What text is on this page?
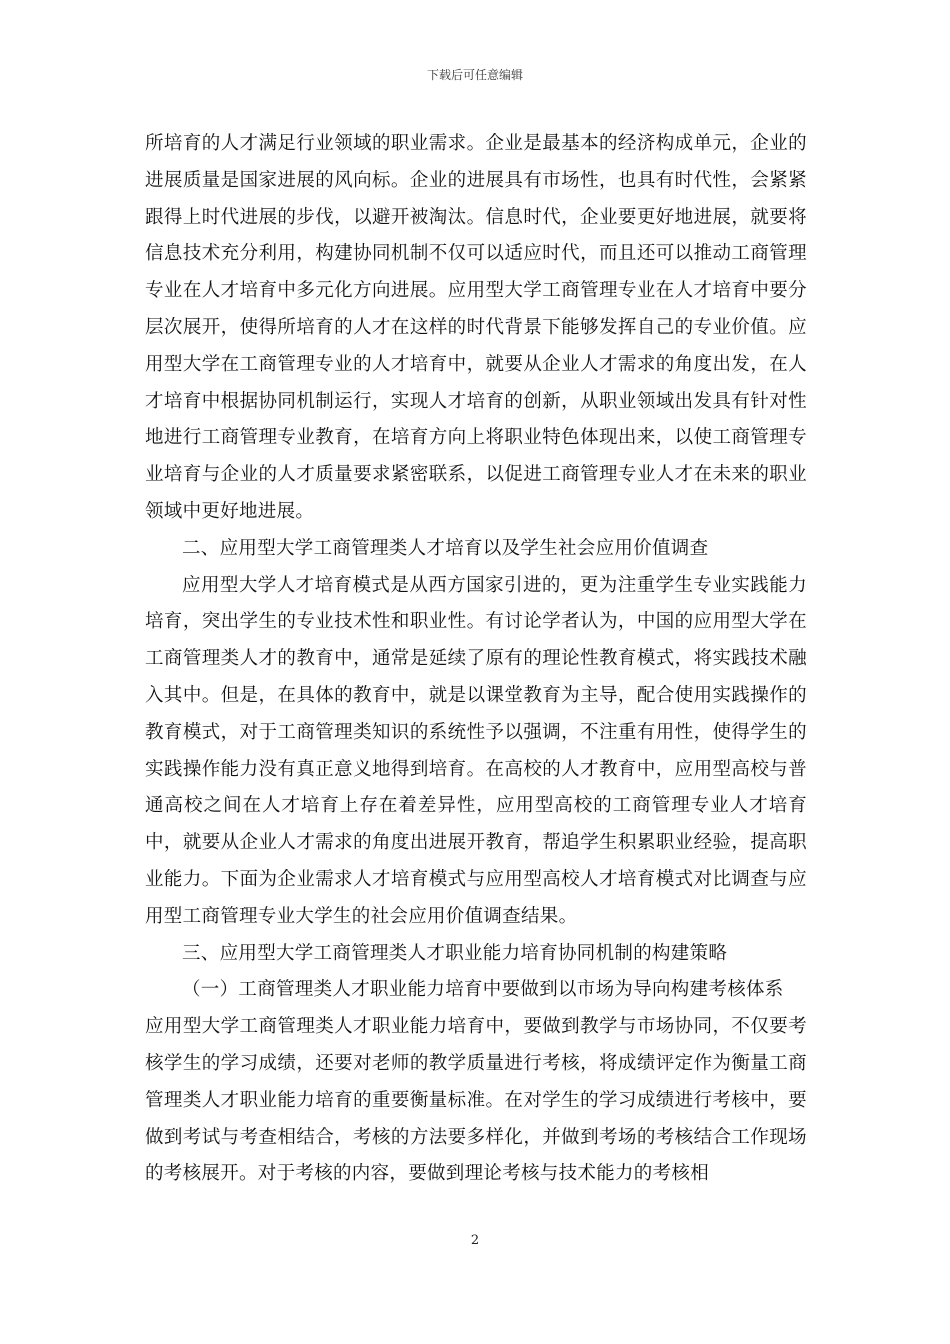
下载后可任意编辑

所培育的人才满足行业领域的职业需求。企业是最基本的经济构成单元，企业的进展质量是国家进展的风向标。企业的进展具有市场性，也具有时代性，会紧紧跟得上时代进展的步伐，以避开被淘汰。信息时代，企业要更好地进展，就要将信息技术充分利用，构建协同机制不仅可以适应时代，而且还可以推动工商管理专业在人才培育中多元化方向进展。应用型大学工商管理专业在人才培育中要分层次展开，使得所培育的人才在这样的时代背景下能够发挥自己的专业价值。应用型大学在工商管理专业的人才培育中，就要从企业人才需求的角度出发，在人才培育中根据协同机制运行，实现人才培育的创新，从职业领域出发具有针对性地进行工商管理专业教育，在培育方向上将职业特色体现出来，以使工商管理专业培育与企业的人才质量要求紧密联系，以促进工商管理专业人才在未来的职业领域中更好地进展。

二、应用型大学工商管理类人才培育以及学生社会应用价值调查

应用型大学人才培育模式是从西方国家引进的，更为注重学生专业实践能力培育，突出学生的专业技术性和职业性。有讨论学者认为，中国的应用型大学在工商管理类人才的教育中，通常是延续了原有的理论性教育模式，将实践技术融入其中。但是，在具体的教育中，就是以课堂教育为主导，配合使用实践操作的教育模式，对于工商管理类知识的系统性予以强调，不注重有用性，使得学生的实践操作能力没有真正意义地得到培育。在高校的人才教育中，应用型高校与普通高校之间在人才培育上存在着差异性，应用型高校的工商管理专业人才培育中，就要从企业人才需求的角度出进展开教育，帮追学生积累职业经验，提高职业能力。下面为企业需求人才培育模式与应用型高校人才培育模式对比调查与应用型工商管理专业大学生的社会应用价值调查结果。

三、应用型大学工商管理类人才职业能力培育协同机制的构建策略

（一）工商管理类人才职业能力培育中要做到以市场为导向构建考核体系

应用型大学工商管理类人才职业能力培育中，要做到教学与市场协同，不仅要考核学生的学习成绩，还要对老师的教学质量进行考核，将成绩评定作为衡量工商管理类人才职业能力培育的重要衡量标准。在对学生的学习成绩进行考核中，要做到考试与考查相结合，考核的方法要多样化，并做到考场的考核结合工作现场的考核展开。对于考核的内容，要做到理论考核与技术能力的考核相

2
